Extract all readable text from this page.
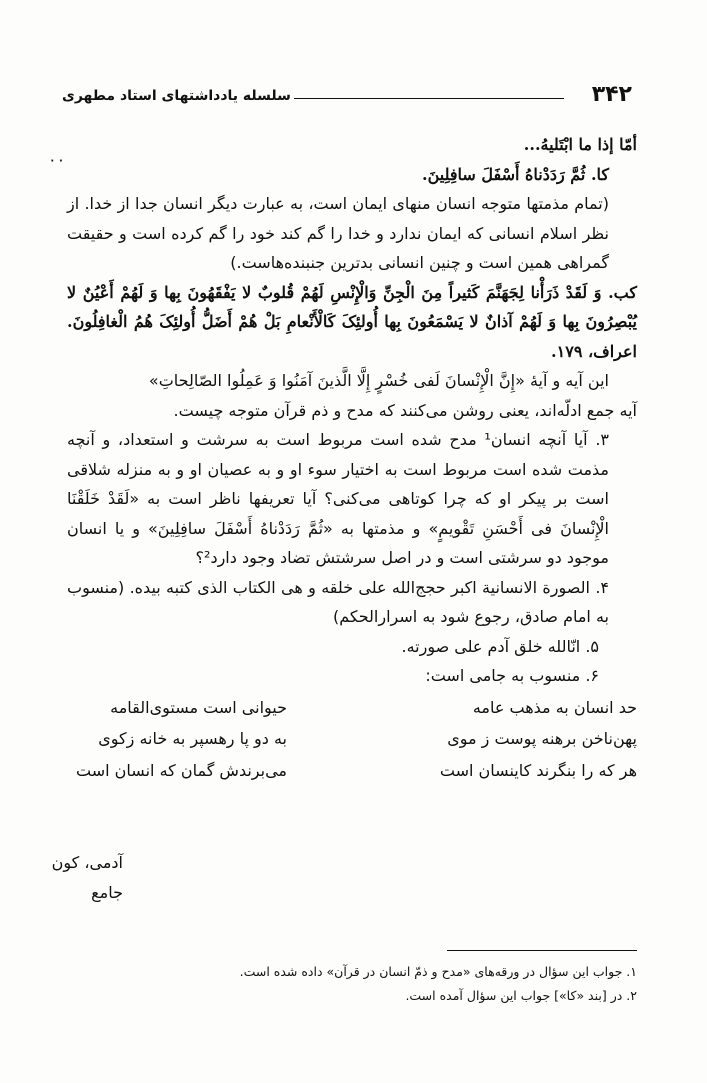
۳۴۲
سلسله یادداشتهای استاد مطهری
۰۰

أمّا إذا ما ابْتَلیهُ...

کا. ثُمَّ رَدَدْناهُ أَسْفَلَ سافِلِینَ.

(تمام مذمتها متوجه انسان منهای ایمان است، به عبارت دیگر انسان جدا از خدا. از نظر اسلام انسانی که ایمان ندارد و خدا را گم کند خود را گم کرده است و حقیقت گمراهی همین است و چنین انسانی بدترین جنبنده‌هاست.)

کب. وَ لَقَدْ ذَرَأْنا لِجَهَنَّمَ کَثیراً مِنَ الْجِنِّ وَالْإِنْسِ لَهُمْ قُلوبٌ لا یَفْقَهُونَ بِها وَ لَهُمْ أَعْیُنٌ لا یُبْصِرُونَ بِها وَ لَهُمْ آذانٌ لا یَسْمَعُونَ بِها أُولئِکَ کَالْأَنْعامِ بَلْ هُمْ أَضَلُّ أُولئِکَ هُمُ الْغافِلُونَ. اعراف، ۱۷۹.

این آیه و آیهٔ «إِنَّ الْإِنْسانَ لَفی خُسْرٍ إِلَّا الَّذینَ آمَنُوا وَ عَمِلُوا الصّالِحاتِ»

آیه جمع ادلّه‌اند، یعنی روشن می‌کنند که مدح و ذم قرآن متوجه چیست.

۳. آیا آنچه انسان¹ مدح شده است مربوط است به سرشت و استعداد، و آنچه مذمت شده است مربوط است به اختیار سوء او و به عصیان او و به منزله شلاقی است بر پیکر او که چرا کوتاهی می‌کنی؟ آیا تعریفها ناظر است به «لَقَدْ خَلَقْنَا الْإِنْسانَ فی أَحْسَنِ تَقْویمٍ» و مذمتها به «ثُمَّ رَدَدْناهُ أَسْفَلَ سافِلِینَ» و یا انسان موجود دو سرشتی است و در اصل سرشتش تضاد وجود دارد²؟

۴. الصورة الانسانیة اکبر حجج‌الله علی خلقه و هی الکتاب الذی کتبه بیده. (منسوب به امام صادق، رجوع شود به اسرارالحکم)

۵. انّالله خلق آدم علی صورته.

۶. منسوب به جامی است:

حد انسان به مذهب عامه
حیوانی است مستوی‌القامه
پهن‌ناخن برهنه پوست ز موی
به دو پا رهسپر به خانه زکوی
هر که را بنگرند کاینسان است
می‌برندش گمان که انسان است
آدمی، کون جامع

۱. جواب این سؤال در ورقه‌های «مدح و ذمّ انسان در قرآن» داده شده است.

۲. در [بند «کا»] جواب این سؤال آمده است.
